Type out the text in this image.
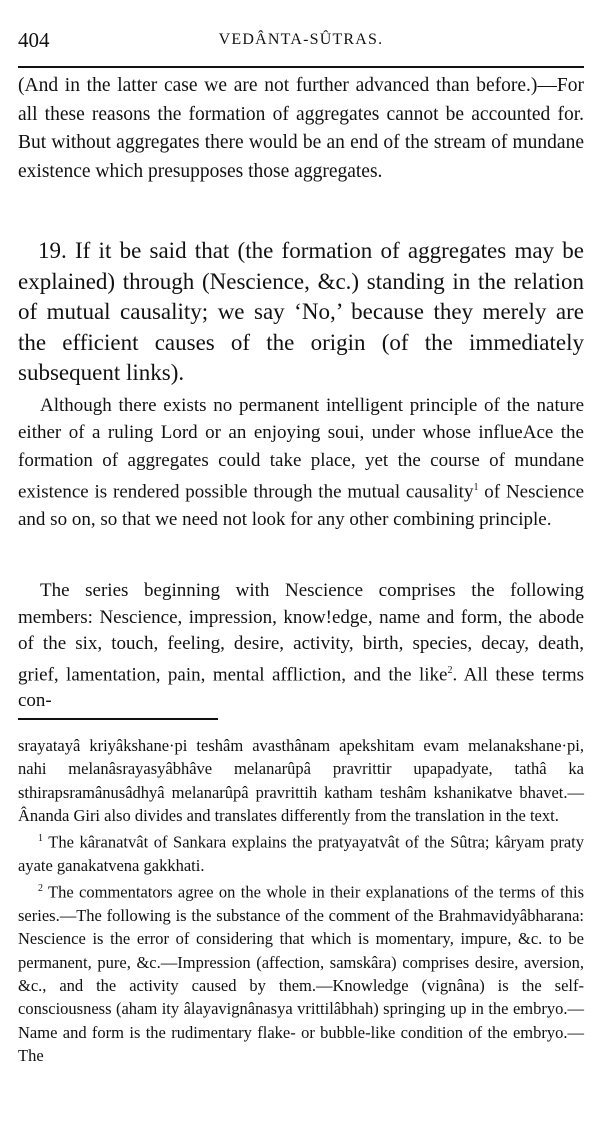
404	VEDÂNTA-SÛTRAS.
(And in the latter case we are not further advanced than before.)—For all these reasons the formation of aggregates cannot be accounted for. But without aggregates there would be an end of the stream of mundane existence which presupposes those aggregates.
19. If it be said that (the formation of aggregates may be explained) through (Nescience, &c.) standing in the relation of mutual causality; we say ‘No,’ because they merely are the efficient causes of the origin (of the immediately subsequent links).
Although there exists no permanent intelligent principle of the nature either of a ruling Lord or an enjoying soui, under whose influeAce the formation of aggregates could take place, yet the course of mundane existence is rendered possible through the mutual causality$^1$ of Nescience and so on, so that we need not look for any other combining principle.
The series beginning with Nescience comprises the following members: Nescience, impression, know!edge, name and form, the abode of the six, touch, feeling, desire, activity, birth, species, decay, death, grief, lamentation, pain, mental affliction, and the like$^2$. All these terms con-

srayatayâ kriyâkshane·pi teshâm avasthânam apekshitam evam melanakshane·pi, nahi melanâsrayasyâbhâve melanarûpâ pravrittir upapadyate, tathâ ka sthirapsramânusâdhyâ melanarûpâ pravrittih katham teshâm kshanikatve bhavet.—Ânanda Giri also divides and translates differently from the translation in the text.

$^1$ The kâranatvât of Sankara explains the pratyayatvât of the Sûtra; kâryam praty ayate ganakatvena gakkhati.

$^2$ The commentators agree on the whole in their explanations of the terms of this series.—The following is the substance of the comment of the Brahmavidyâbharana: Nescience is the error of considering that which is momentary, impure, &c. to be permanent, pure, &c.—Impression (affection, samskâra) comprises desire, aversion, &c., and the activity caused by them.—Knowledge (vignâna) is the self-consciousness (aham ity âlayavignânasya vrittilâbhah) springing up in the embryo.—Name and form is the rudimentary flake- or bubble-like condition of the embryo.—The
